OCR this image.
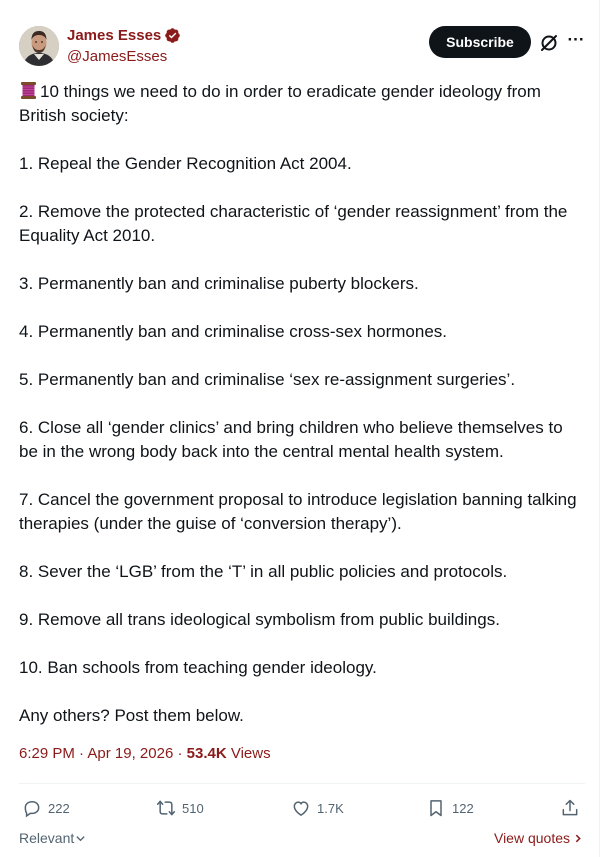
James Esses
@JamesEsses
Subscribe	···

10 things we need to do in order to eradicate gender ideology from British society:

1. Repeal the Gender Recognition Act 2004.

2. Remove the protected characteristic of ‘gender reassignment’ from the Equality Act 2010.

3. Permanently ban and criminalise puberty blockers.

4. Permanently ban and criminalise cross-sex hormones.

5. Permanently ban and criminalise ‘sex re-assignment surgeries’.

6. Close all ‘gender clinics’ and bring children who believe themselves to be in the wrong body back into the central mental health system.

7. Cancel the government proposal to introduce legislation banning talking therapies (under the guise of ‘conversion therapy’).

8. Sever the ‘LGB’ from the ‘T’ in all public policies and protocols.

9. Remove all trans ideological symbolism from public buildings.

10. Ban schools from teaching gender ideology.

Any others? Post them below.

6:29 PM · Apr 19, 2026 · 53.4K Views
222	510	1.7K	122
Relevant	View quotes
